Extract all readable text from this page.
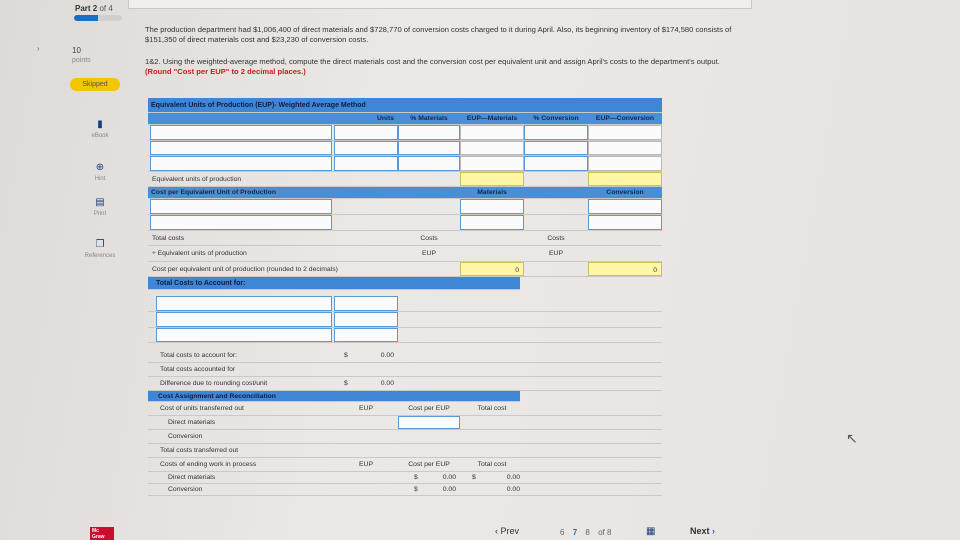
Part 2 of 4
›	10
points
Skipped
▮
eBook
⊕
Hint
▤
Print
❐
References
The production department had $1,006,400 of direct materials and $728,770 of conversion costs charged to it during April. Also, its beginning inventory of $174,580 consists of $151,350 of direct materials cost and $23,230 of conversion costs.
1&2. Using the weighted-average method, compute the direct materials cost and the conversion cost per equivalent unit and assign April's costs to the department's output. (Round "Cost per EUP" to 2 decimal places.)
Equivalent Units of Production (EUP)- Weighted Average Method
Units	% Materials	EUP—Materials	% Conversion	EUP—Conversion
Equivalent units of production
Cost per Equivalent Unit of Production	Materials	Conversion
Total costs	Costs	Costs
÷ Equivalent units of production	EUP	EUP
Cost per equivalent unit of production (rounded to 2 decimals)	0	0
Total Costs to Account for:
Total costs to account for:	$	0.00
Total costs accounted for
Difference due to rounding cost/unit	$	0.00
Cost Assignment and Reconciliation
Cost of units transferred out	EUP	Cost per EUP	Total cost
Direct materials
Conversion
Total costs transferred out
Costs of ending work in process	EUP	Cost per EUP	Total cost
Direct materials	$	0.00	$	0.00
Conversion	$	0.00	0.00
‹ Prev	6 7 8 of 8	▦	Next ›
Mc
Graw
↖
